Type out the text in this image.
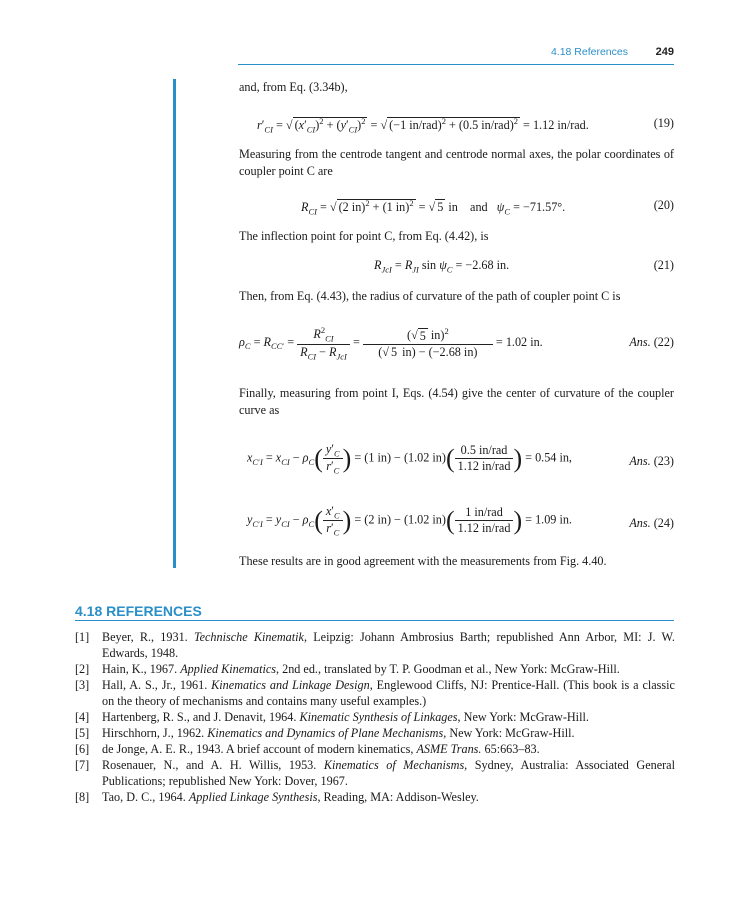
4.18 References	249
and, from Eq. (3.34b),
$r'_{CI}$ = √ $(x'_{CI})^2 + (y'_{CI})^2$ = √ (−1 in/rad)$^2$ + (0.5 in/rad)$^2$ = 1.12 in/rad.	(19)
Measuring from the centrode tangent and centrode normal axes, the polar coordinates of coupler point C are
$R_{CI}$ = √ (2 in)$^2$ + (1 in)$^2$ = √ 5 in    and   $\psi_C = -71.57^\circ$.	(20)
The inflection point for point C, from Eq. (4.42), is
$R_{JcI} = R_{JI}$ $\sin \psi_C = -2.68$ in.	(21)
Then, from Eq. (4.43), the radius of curvature of the path of coupler point C is
$\rho_C = R_{CC'} = \frac{R^2_{CI}}{R_{CI} - R_{JcI}} = \frac{(√ 5 in)^2}{(√ 5 in) - (-2.68 in)} = 1.02$ in.	Ans. (22)
Finally, measuring from point I, Eqs. (4.54) give the center of curvature of the coupler curve as
$x_{C'I} = x_{CI} - \rho_C( \frac{y'_C}{r'_C}$ ) = (1 in) − (1.02 $in)( \frac{\text{0.5 in/rad}}{\text{1.12 in/rad}}$ ) = 0.54 in,	Ans. (23)
$y_{C'I} = y_{CI} - \rho_C( \frac{x'_C}{r'_C}$ ) = (2 in) − (1.02 $in)( \frac{\text{1 in/rad}}{\text{1.12 in/rad}}$ ) = 1.09 in.	Ans. (24)
These results are in good agreement with the measurements from Fig. 4.40.
4.18 REFERENCES
[1] Beyer, R., 1931. Technische Kinematik, Leipzig: Johann Ambrosius Barth; republished Ann Arbor, MI: J. W. Edwards, 1948.
[2] Hain, K., 1967. Applied Kinematics, 2nd ed., translated by T. P. Goodman et al., New York: McGraw-Hill.
[3] Hall, A. S., Jr., 1961. Kinematics and Linkage Design, Englewood Cliffs, NJ: Prentice-Hall. (This book is a classic on the theory of mechanisms and contains many useful examples.)
[4] Hartenberg, R. S., and J. Denavit, 1964. Kinematic Synthesis of Linkages, New York: McGraw-Hill.
[5] Hirschhorn, J., 1962. Kinematics and Dynamics of Plane Mechanisms, New York: McGraw-Hill.
[6] de Jonge, A. E. R., 1943. A brief account of modern kinematics, ASME Trans. 65:663–83.
[7] Rosenauer, N., and A. H. Willis, 1953. Kinematics of Mechanisms, Sydney, Australia: Associated General Publications; republished New York: Dover, 1967.
[8] Tao, D. C., 1964. Applied Linkage Synthesis, Reading, MA: Addison-Wesley.
